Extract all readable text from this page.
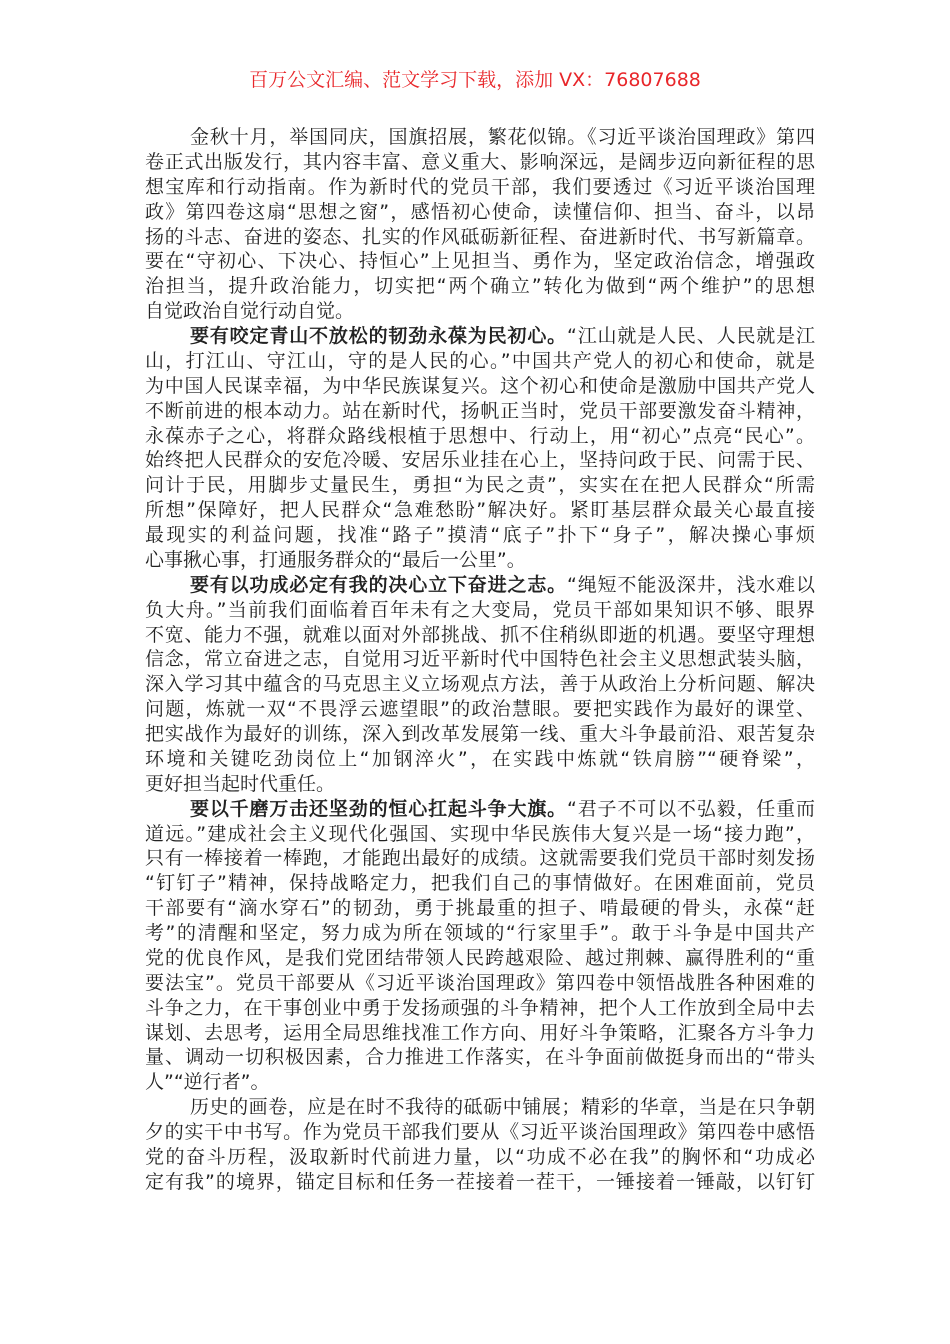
百万公文汇编、范文学习下载，添加 VX：76807688
金秋十月，举国同庆，国旗招展，繁花似锦。《习近平谈治国理政》第四
卷正式出版发行，其内容丰富、意义重大、影响深远，是阔步迈向新征程的思
想宝库和行动指南。作为新时代的党员干部，我们要透过《习近平谈治国理
政》第四卷这扇“思想之窗”，感悟初心使命，读懂信仰、担当、奋斗，以昂
扬的斗志、奋进的姿态、扎实的作风砥砺新征程、奋进新时代、书写新篇章。
要在“守初心、下决心、持恒心”上见担当、勇作为，坚定政治信念，增强政
治担当，提升政治能力，切实把“两个确立”转化为做到“两个维护”的思想
自觉政治自觉行动自觉。
要有咬定青山不放松的韧劲永葆为民初心。“江山就是人民、人民就是江
山，打江山、守江山，守的是人民的心。”中国共产党人的初心和使命，就是
为中国人民谋幸福，为中华民族谋复兴。这个初心和使命是激励中国共产党人
不断前进的根本动力。站在新时代，扬帆正当时，党员干部要激发奋斗精神，
永葆赤子之心，将群众路线根植于思想中、行动上，用“初心”点亮“民心”。
始终把人民群众的安危冷暖、安居乐业挂在心上，坚持问政于民、问需于民、
问计于民，用脚步丈量民生，勇担“为民之责”，实实在在把人民群众“所需
所想”保障好，把人民群众“急难愁盼”解决好。紧盯基层群众最关心最直接
最现实的利益问题，找准“路子”摸清“底子”扑下“身子”，解决操心事烦
心事揪心事，打通服务群众的“最后一公里”。
要有以功成必定有我的决心立下奋进之志。“绳短不能汲深井，浅水难以
负大舟。”当前我们面临着百年未有之大变局，党员干部如果知识不够、眼界
不宽、能力不强，就难以面对外部挑战、抓不住稍纵即逝的机遇。要坚守理想
信念，常立奋进之志，自觉用习近平新时代中国特色社会主义思想武装头脑，
深入学习其中蕴含的马克思主义立场观点方法，善于从政治上分析问题、解决
问题，炼就一双“不畏浮云遮望眼”的政治慧眼。要把实践作为最好的课堂、
把实战作为最好的训练，深入到改革发展第一线、重大斗争最前沿、艰苦复杂
环境和关键吃劲岗位上“加钢淬火”，在实践中炼就“铁肩膀”“硬脊梁”，
更好担当起时代重任。
要以千磨万击还坚劲的恒心扛起斗争大旗。“君子不可以不弘毅，任重而
道远。”建成社会主义现代化强国、实现中华民族伟大复兴是一场“接力跑”，
只有一棒接着一棒跑，才能跑出最好的成绩。这就需要我们党员干部时刻发扬
“钉钉子”精神，保持战略定力，把我们自己的事情做好。在困难面前，党员
干部要有“滴水穿石”的韧劲，勇于挑最重的担子、啃最硬的骨头，永葆“赶
考”的清醒和坚定，努力成为所在领域的“行家里手”。敢于斗争是中国共产
党的优良作风，是我们党团结带领人民跨越艰险、越过荆棘、赢得胜利的“重
要法宝”。党员干部要从《习近平谈治国理政》第四卷中领悟战胜各种困难的
斗争之力，在干事创业中勇于发扬顽强的斗争精神，把个人工作放到全局中去
谋划、去思考，运用全局思维找准工作方向、用好斗争策略，汇聚各方斗争力
量、调动一切积极因素，合力推进工作落实，在斗争面前做挺身而出的“带头
人”“逆行者”。
历史的画卷，应是在时不我待的砥砺中铺展；精彩的华章，当是在只争朝
夕的实干中书写。作为党员干部我们要从《习近平谈治国理政》第四卷中感悟
党的奋斗历程，汲取新时代前进力量，以“功成不必在我”的胸怀和“功成必
定有我”的境界，锚定目标和任务一茬接着一茬干，一锤接着一锤敲，以钉钉
